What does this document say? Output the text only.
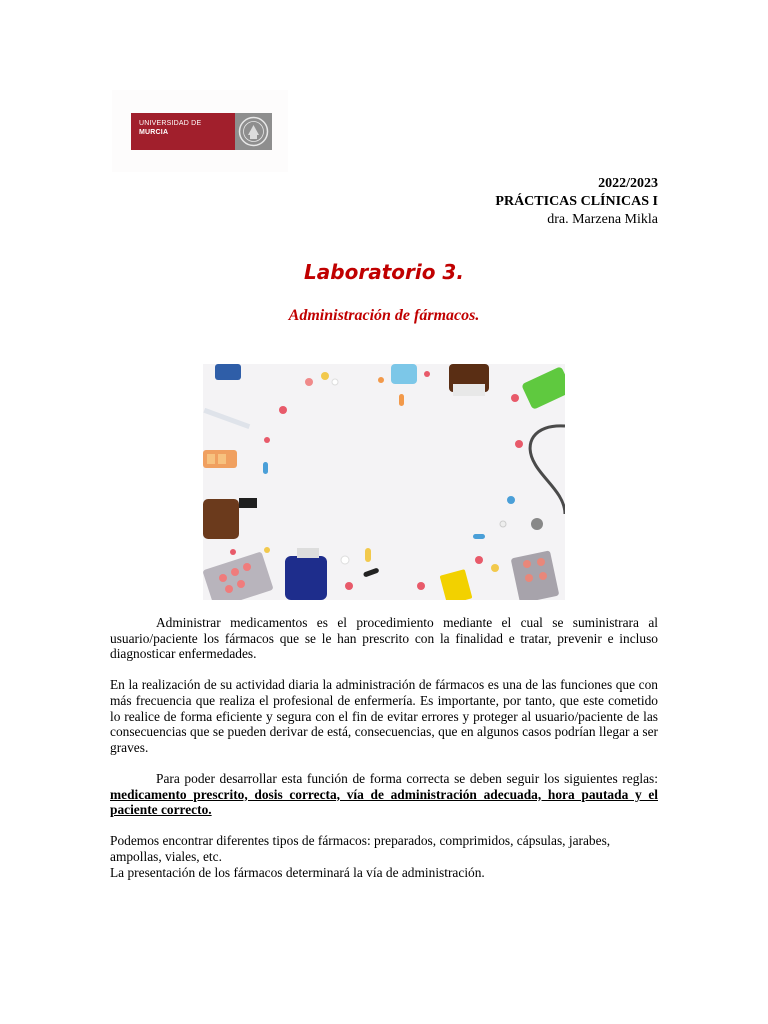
UNIVERSIDAD DE
MURCIA
2022/2023
PRÁCTICAS CLÍNICAS I
dra. Marzena Mikla
Laboratorio 3.
Administración de fármacos.

Administrar medicamentos es el procedimiento mediante el cual se suministrara al usuario/paciente los fármacos que se le han prescrito con la finalidad e tratar, prevenir e incluso diagnosticar enfermedades.

En la realización de su actividad diaria la administración de fármacos es una de las funciones que con más frecuencia que realiza el profesional de enfermería. Es importante, por tanto, que este cometido lo realice de forma eficiente y segura con el fin de evitar errores y proteger al usuario/paciente de las consecuencias que se pueden derivar de está, consecuencias, que en algunos casos podrían llegar a ser graves.

Para poder desarrollar esta función de forma correcta se deben seguir los siguientes reglas: medicamento prescrito, dosis correcta, vía de administración adecuada, hora pautada y el paciente correcto.

Podemos encontrar diferentes tipos de fármacos: preparados, comprimidos, cápsulas, jarabes, ampollas, viales, etc.
La presentación de los fármacos determinará la vía de administración.
